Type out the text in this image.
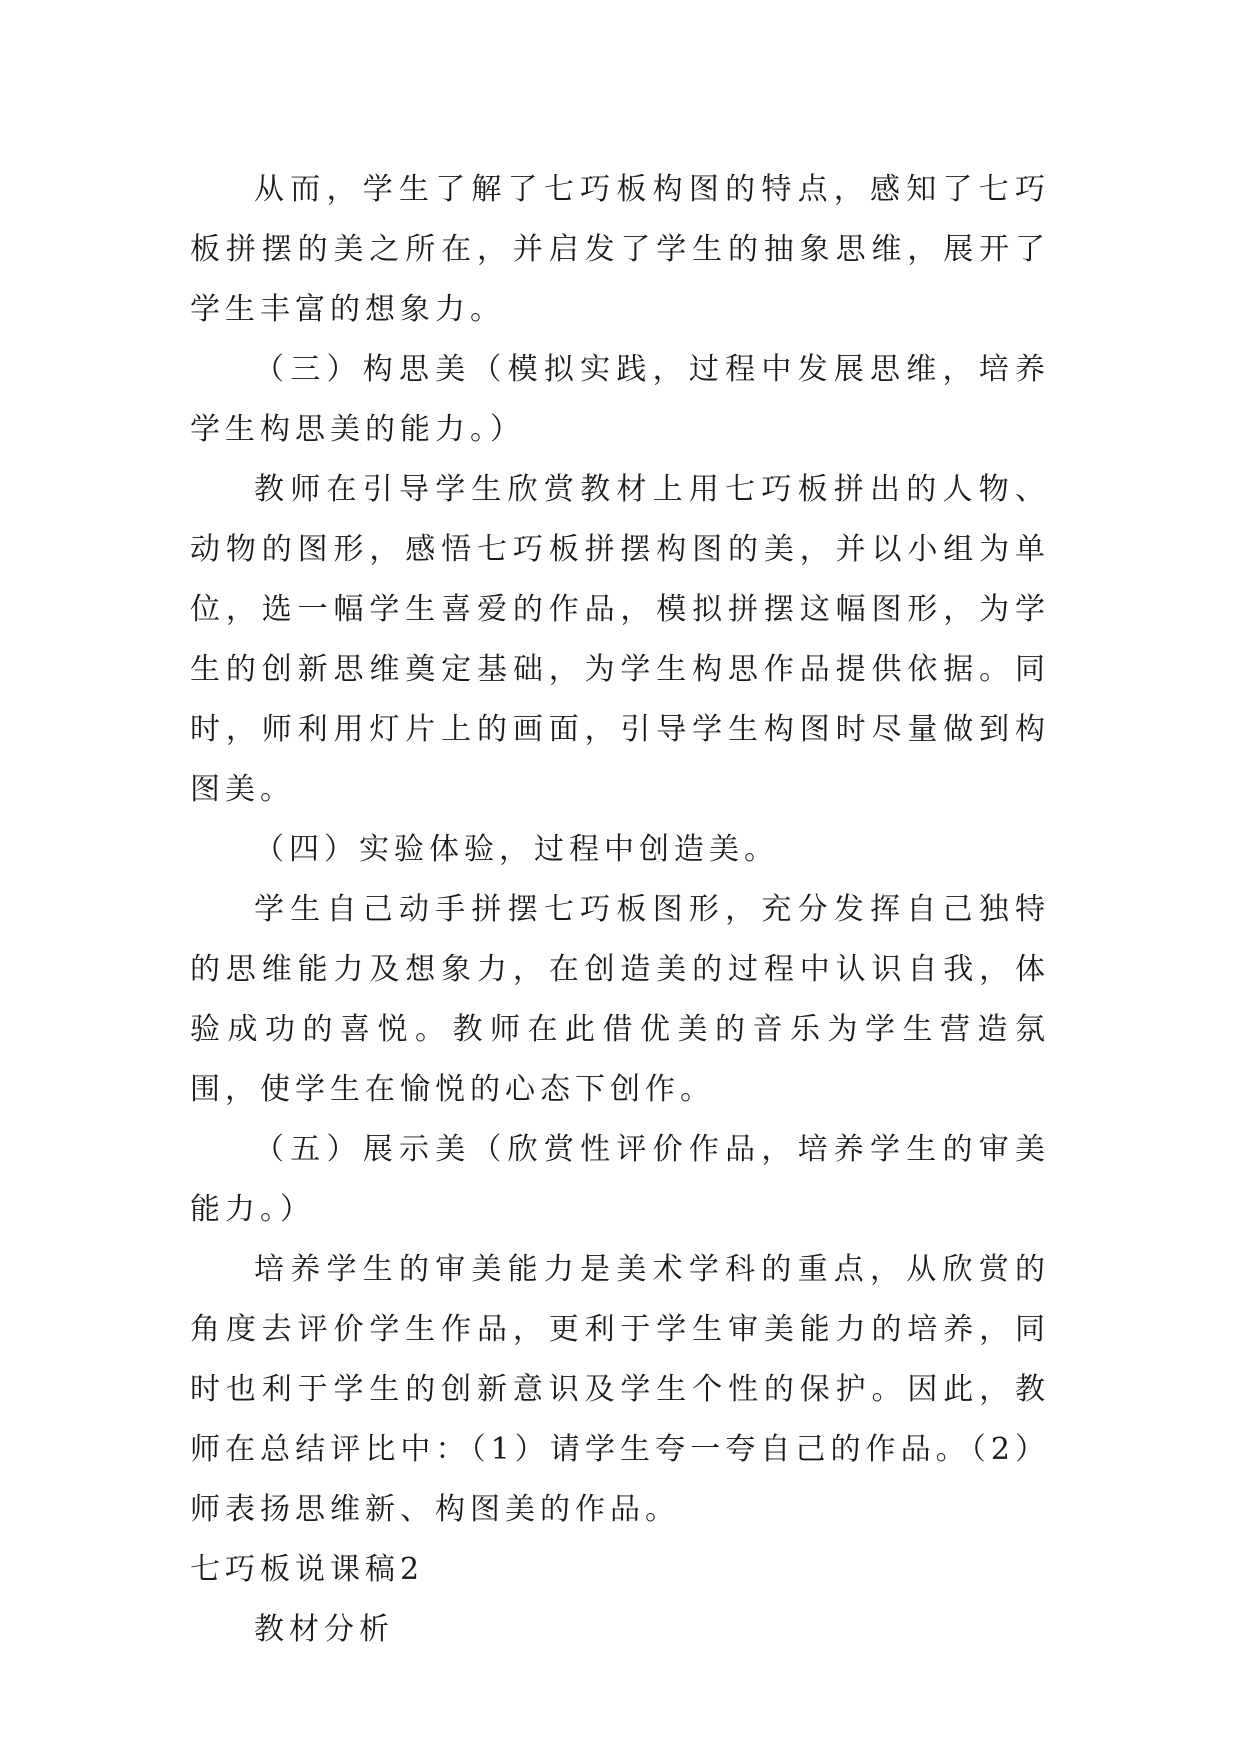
从而，学生了解了七巧板构图的特点，感知了七巧板拼摆的美之所在，并启发了学生的抽象思维，展开了学生丰富的想象力。

（三）构思美（模拟实践，过程中发展思维，培养学生构思美的能力。）

教师在引导学生欣赏教材上用七巧板拼出的人物、动物的图形，感悟七巧板拼摆构图的美，并以小组为单位，选一幅学生喜爱的作品，模拟拼摆这幅图形，为学生的创新思维奠定基础，为学生构思作品提供依据。同时，师利用灯片上的画面，引导学生构图时尽量做到构图美。

（四）实验体验，过程中创造美。

学生自己动手拼摆七巧板图形，充分发挥自己独特的思维能力及想象力，在创造美的过程中认识自我，体验成功的喜悦。教师在此借优美的音乐为学生营造氛围，使学生在愉悦的心态下创作。

（五）展示美（欣赏性评价作品，培养学生的审美能力。）

培养学生的审美能力是美术学科的重点，从欣赏的角度去评价学生作品，更利于学生审美能力的培养，同时也利于学生的创新意识及学生个性的保护。因此，教师在总结评比中：（1）请学生夸一夸自己的作品。（2）师表扬思维新、构图美的作品。

七巧板说课稿2

教材分析
